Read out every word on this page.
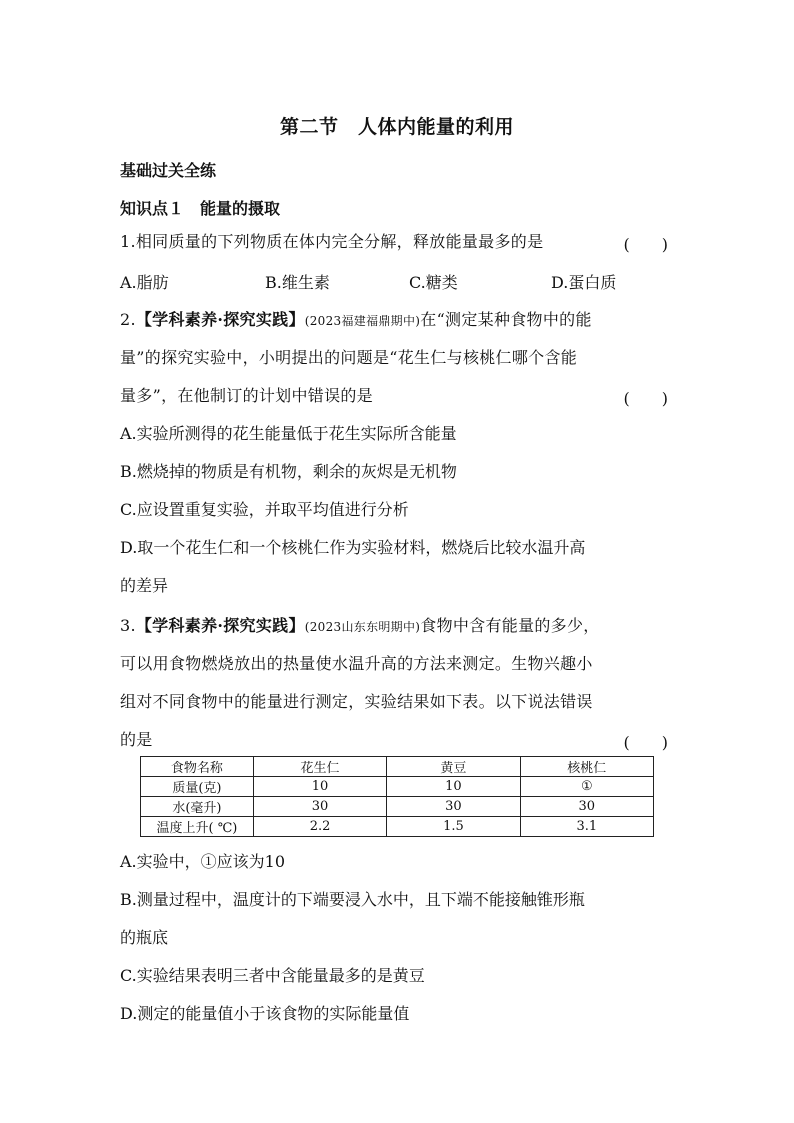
第二节　人体内能量的利用
基础过关全练
知识点１　能量的摄取
1.相同质量的下列物质在体内完全分解，释放能量最多的是	(　　)
A.脂肪	B.维生素	C.糖类	D.蛋白质
2.【学科素养·探究实践】(2023福建福鼎期中)在“测定某种食物中的能
量”的探究实验中，小明提出的问题是“花生仁与核桃仁哪个含能
量多”，在他制订的计划中错误的是	(　　)
A.实验所测得的花生能量低于花生实际所含能量
B.燃烧掉的物质是有机物，剩余的灰烬是无机物
C.应设置重复实验，并取平均值进行分析
D.取一个花生仁和一个核桃仁作为实验材料，燃烧后比较水温升高
的差异
3.【学科素养·探究实践】(2023山东东明期中)食物中含有能量的多少，
可以用食物燃烧放出的热量使水温升高的方法来测定。生物兴趣小
组对不同食物中的能量进行测定，实验结果如下表。以下说法错误
的是	(　　)
食物名称	花生仁	黄豆	核桃仁
质量(克)	10	10	①
水(毫升)	30	30	30
温度上升( ℃)	2.2	1.5	3.1
A.实验中，①应该为10
B.测量过程中，温度计的下端要浸入水中，且下端不能接触锥形瓶
的瓶底
C.实验结果表明三者中含能量最多的是黄豆
D.测定的能量值小于该食物的实际能量值
